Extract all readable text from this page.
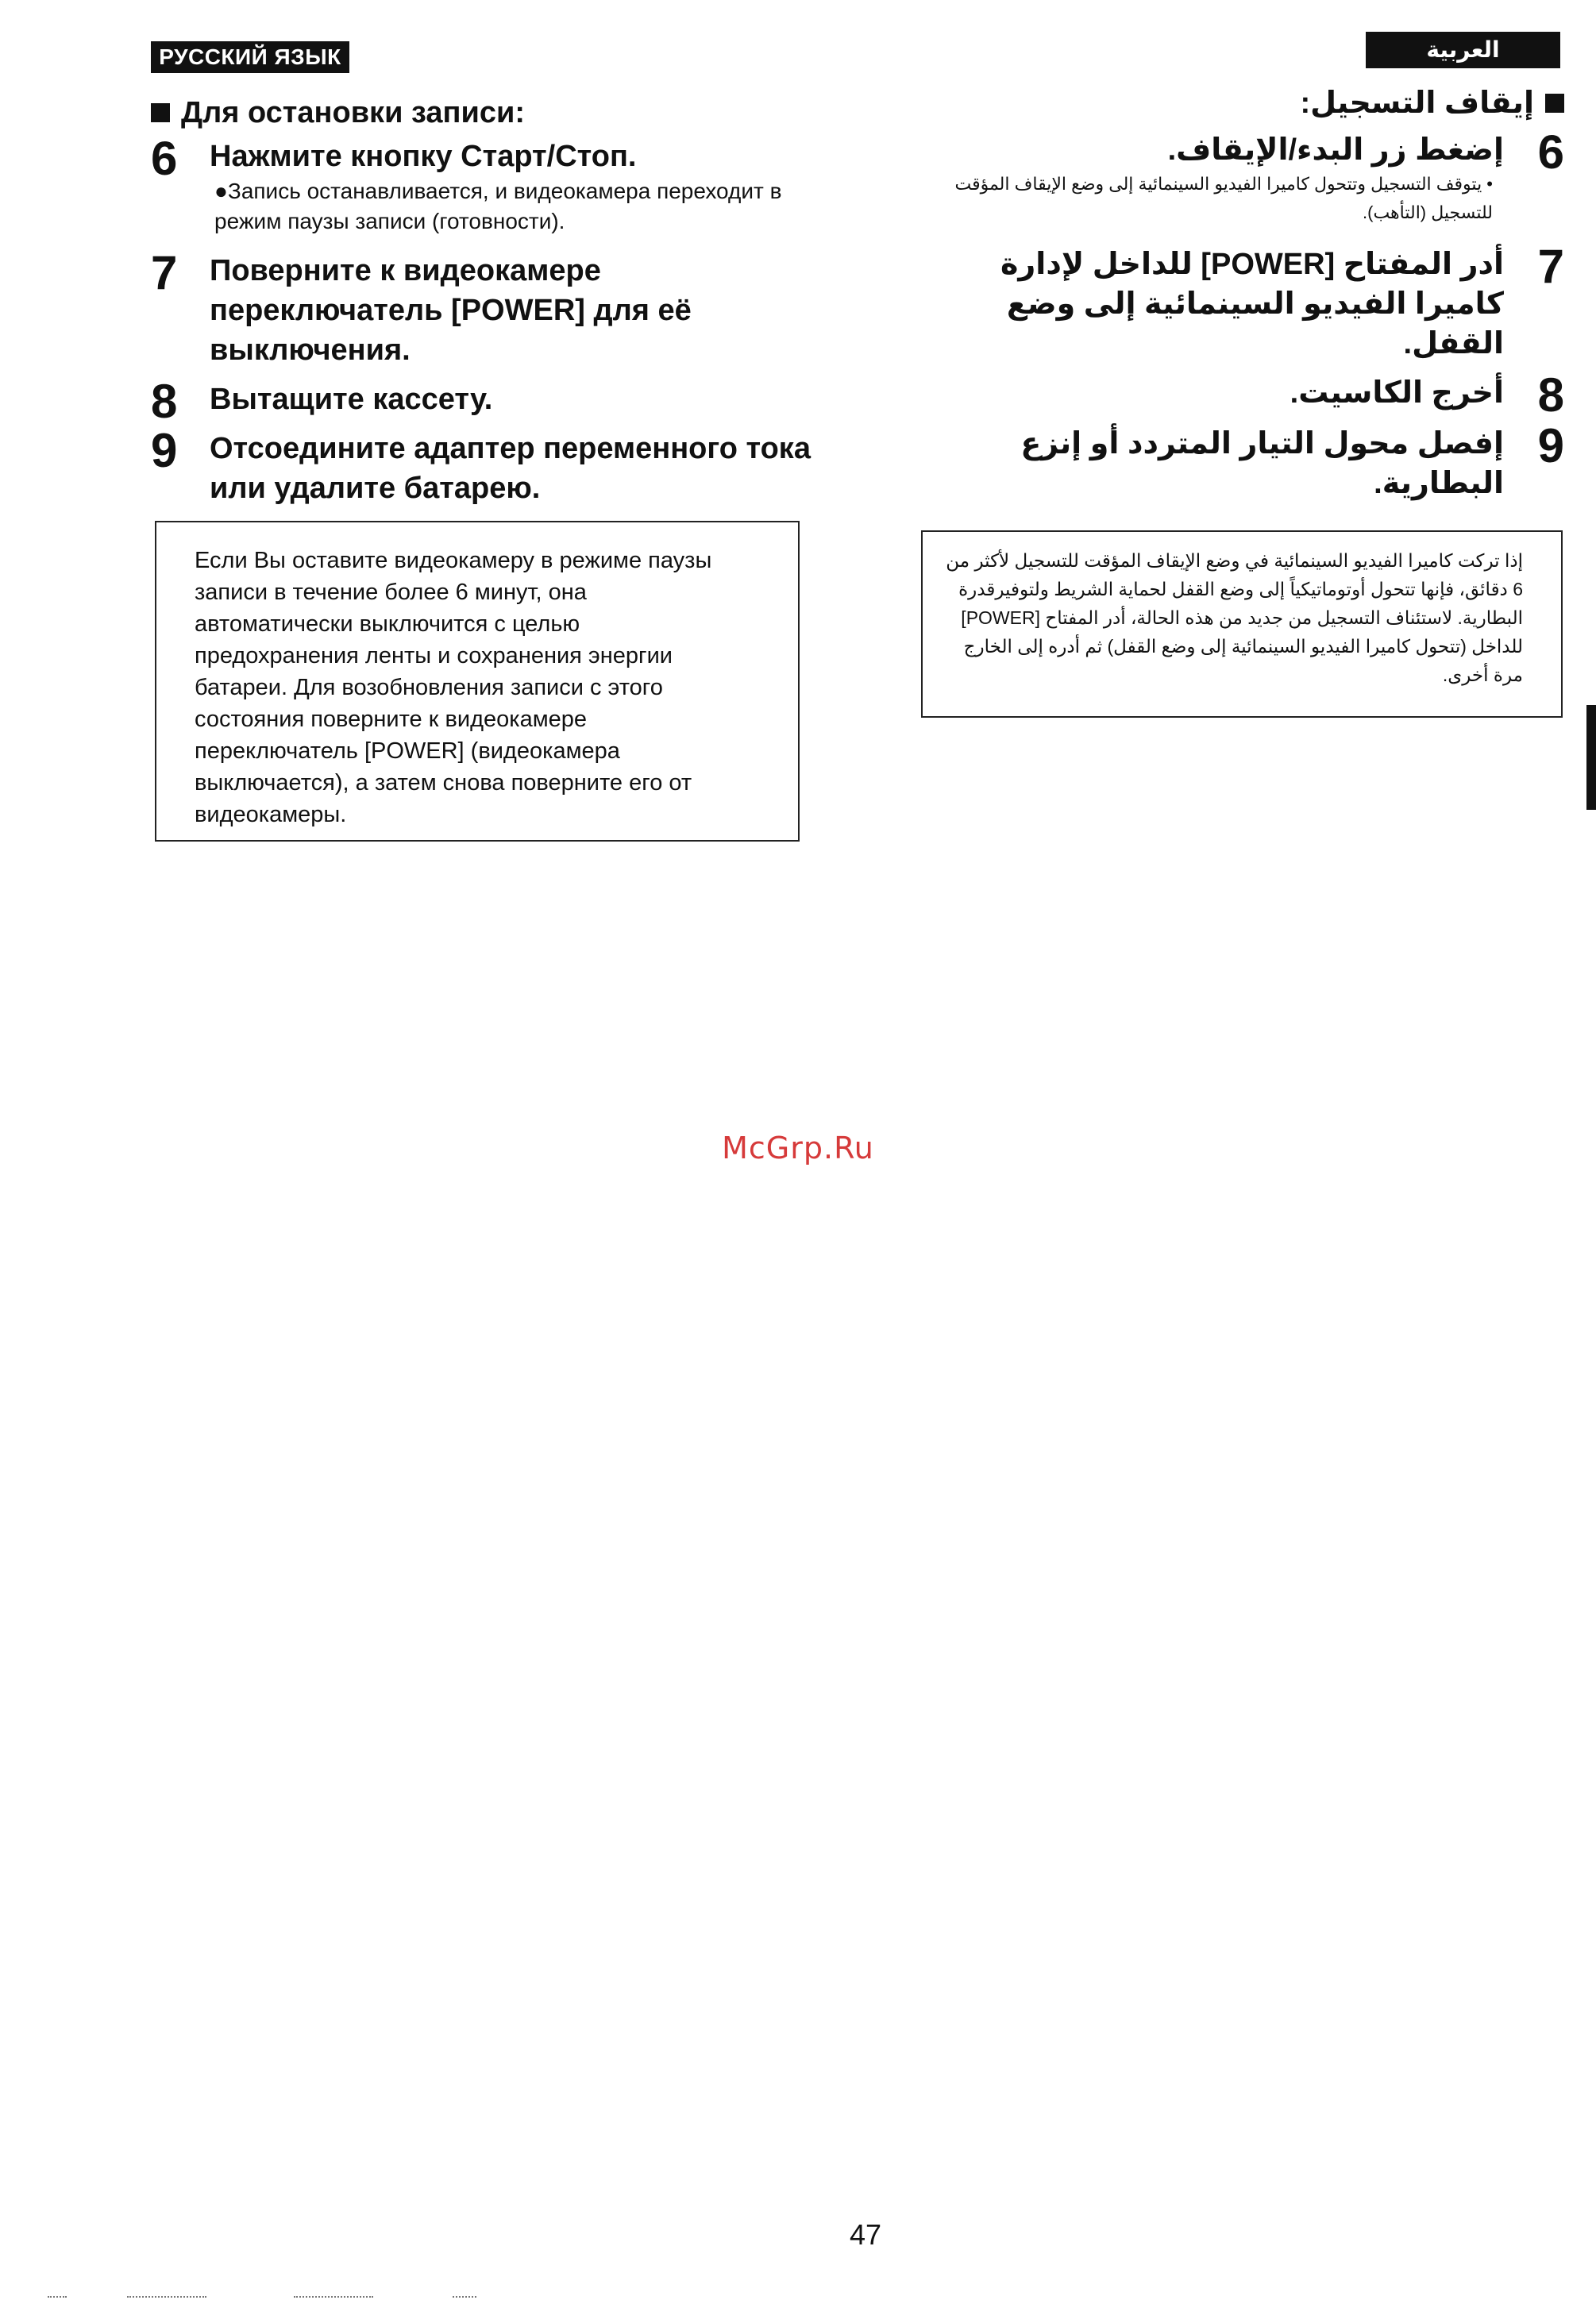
РУССКИЙ ЯЗЫК	العربية
Для остановки записи:
6	Нажмите кнопку Старт/Стоп.
●Запись останавливается, и видеокамера переходит в режим паузы записи (готовности).
7	Поверните к видеокамере переключатель [POWER] для её выключения.
8	Вытащите кассету.
9	Отсоедините адаптер переменного тока или удалите батарею.
Если Вы оставите видеокамеру в режиме паузы записи в течение более 6 минут, она автоматически выключится с целью предохранения ленты и сохранения энергии батареи. Для возобновления записи с этого состояния поверните к видеокамере переключатель [POWER] (видеокамера выключается), а затем снова поверните его от видеокамеры.
إيقاف التسجيل:
6
إضغط زر البدء/الإيقاف.
• يتوقف التسجيل وتتحول كاميرا الفيديو السينمائية إلى وضع الإيقاف المؤقت للتسجيل (التأهب).
7
أدر المفتاح [POWER] للداخل لإدارة كاميرا الفيديو السينمائية إلى وضع القفل.
8
أخرج الكاسيت.
9
إفصل محول التيار المتردد أو إنزع البطارية.
إذا تركت كاميرا الفيديو السينمائية في وضع الإيقاف المؤقت للتسجيل لأكثر من 6 دقائق، فإنها تتحول أوتوماتيكياً إلى وضع القفل لحماية الشريط ولتوفيرقدرة البطارية. لاستئناف التسجيل من جديد من هذه الحالة، أدر المفتاح [POWER] للداخل (تتحول كاميرا الفيديو السينمائية إلى وضع القفل) ثم أدره إلى الخارج مرة أخرى.
McGrp.Ru
47
